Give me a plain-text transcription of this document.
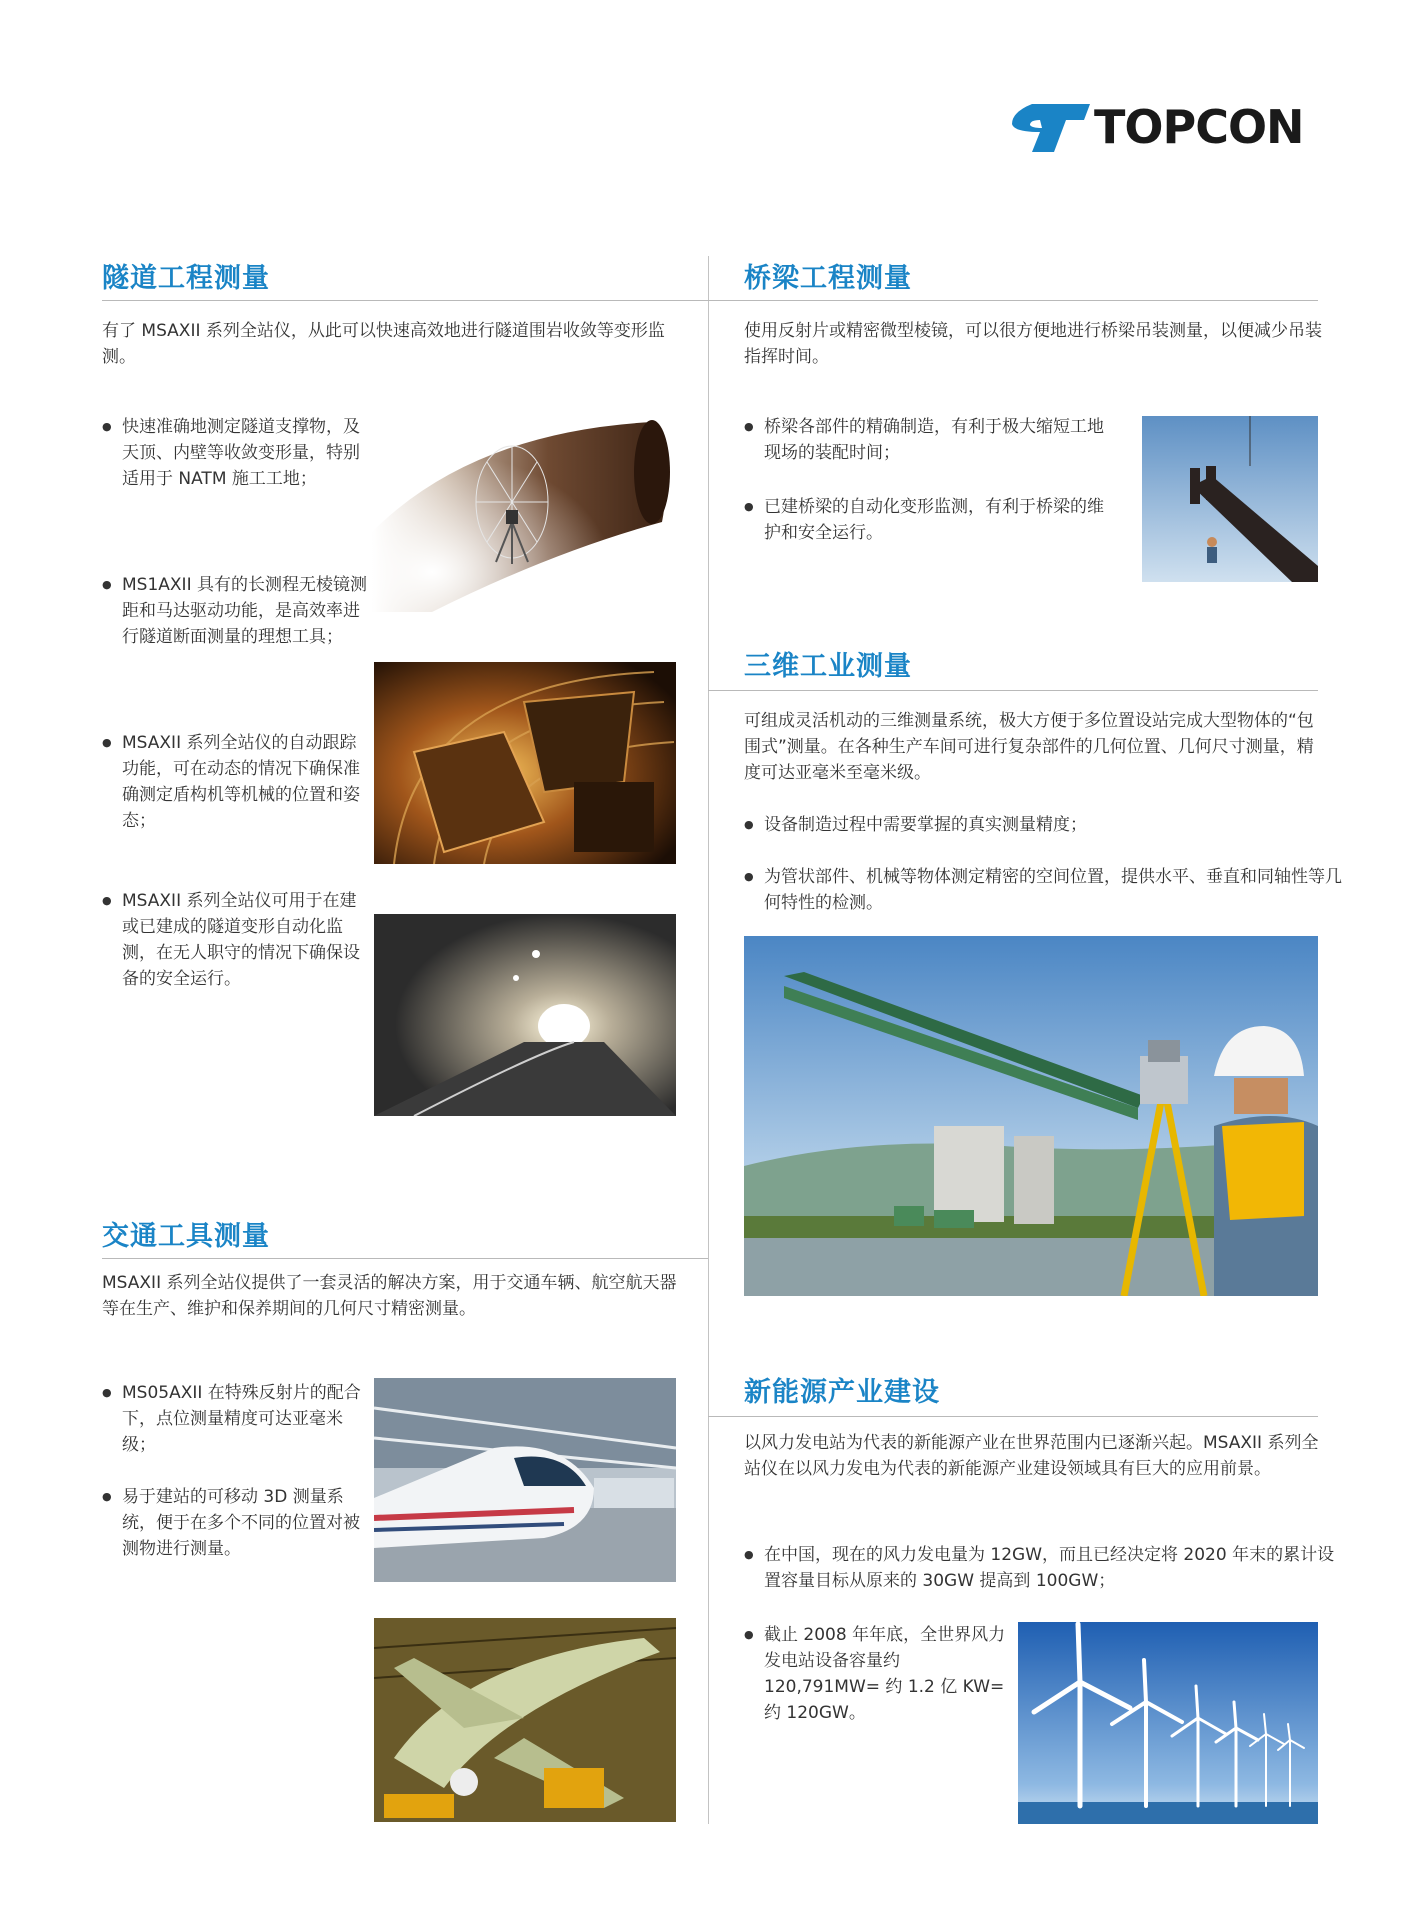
TOPCON
隧道工程测量
有了 MSAXII 系列全站仪，从此可以快速高效地进行隧道围岩收敛等变形监测。
● 快速准确地测定隧道支撑物，及天顶、内壁等收敛变形量，特别适用于 NATM 施工工地；
● MS1AXII 具有的长测程无棱镜测距和马达驱动功能，是高效率进行隧道断面测量的理想工具；
● MSAXII 系列全站仪的自动跟踪功能，可在动态的情况下确保准确测定盾构机等机械的位置和姿态；
● MSAXII 系列全站仪可用于在建或已建成的隧道变形自动化监测，在无人职守的情况下确保设备的安全运行。
交通工具测量
MSAXII 系列全站仪提供了一套灵活的解决方案，用于交通车辆、航空航天器等在生产、维护和保养期间的几何尺寸精密测量。
● MS05AXII 在特殊反射片的配合下，点位测量精度可达亚毫米级；
● 易于建站的可移动 3D 测量系统，便于在多个不同的位置对被测物进行测量。
桥梁工程测量
使用反射片或精密微型棱镜，可以很方便地进行桥梁吊装测量，以便减少吊装指挥时间。
● 桥梁各部件的精确制造，有利于极大缩短工地现场的装配时间；
● 已建桥梁的自动化变形监测，有利于桥梁的维护和安全运行。
三维工业测量
可组成灵活机动的三维测量系统，极大方便于多位置设站完成大型物体的“包围式”测量。在各种生产车间可进行复杂部件的几何位置、几何尺寸测量，精度可达亚毫米至毫米级。
● 设备制造过程中需要掌握的真实测量精度；
● 为管状部件、机械等物体测定精密的空间位置，提供水平、垂直和同轴性等几何特性的检测。
新能源产业建设
以风力发电站为代表的新能源产业在世界范围内已逐渐兴起。MSAXII 系列全站仪在以风力发电为代表的新能源产业建设领域具有巨大的应用前景。
● 在中国，现在的风力发电量为 12GW，而且已经决定将 2020 年末的累计设置容量目标从原来的 30GW 提高到 100GW；
● 截止 2008 年年底，全世界风力发电站设备容量约 120,791MW= 约 1.2 亿 KW= 约 120GW。
